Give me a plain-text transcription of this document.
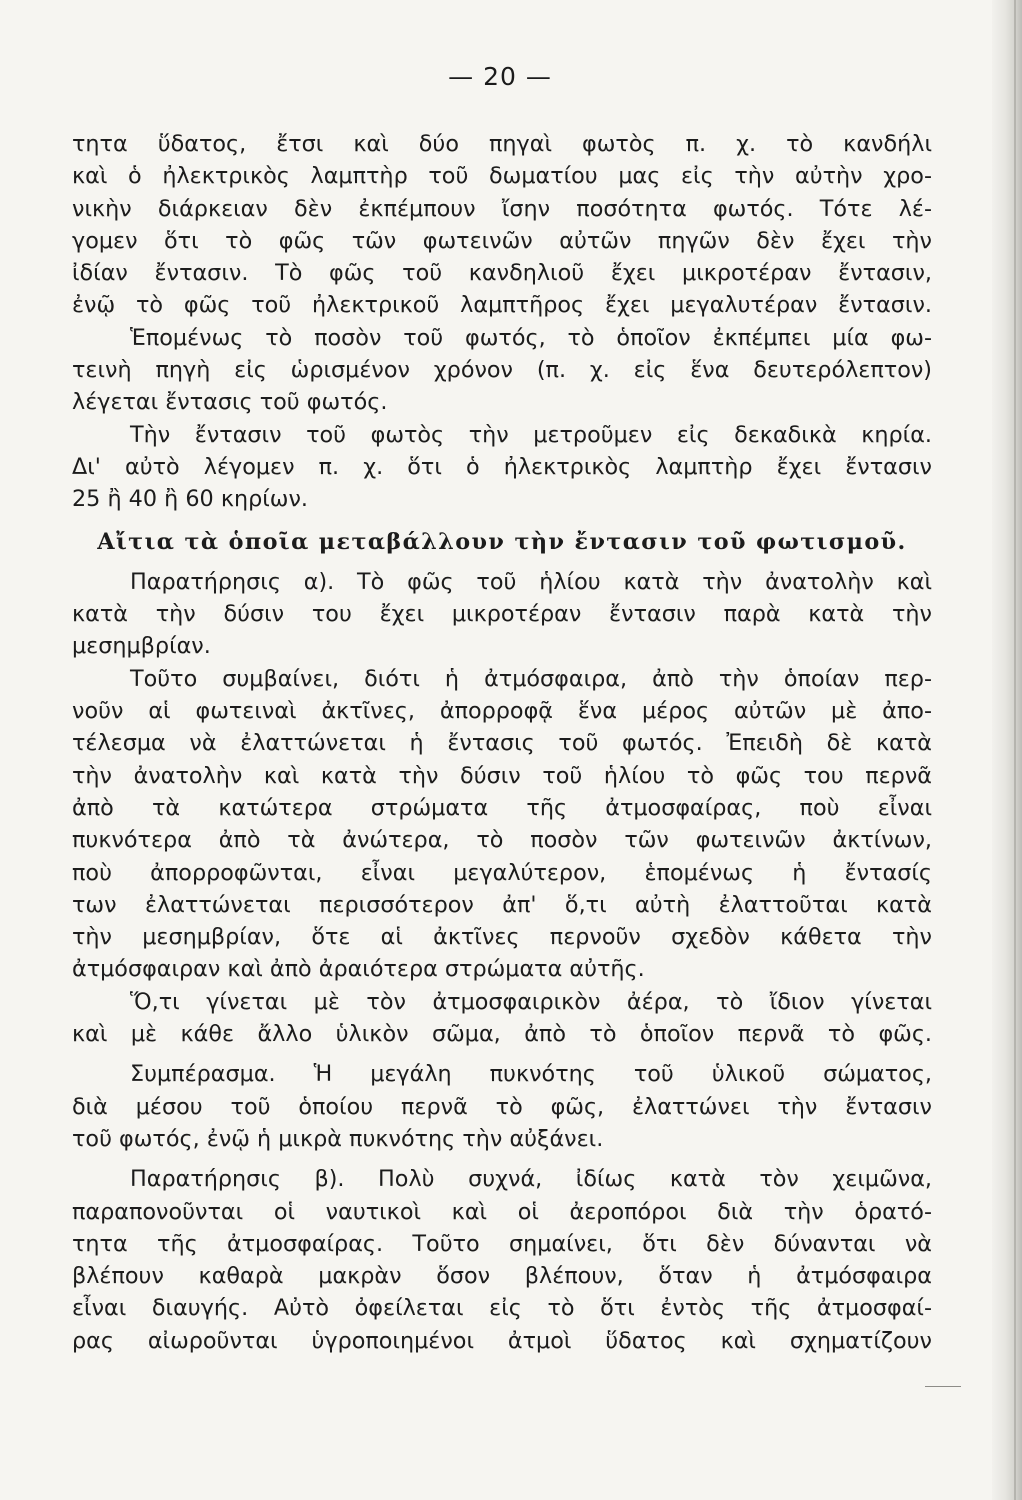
— 20 —
τητα ὕδατος, ἔτσι καὶ δύο πηγαὶ φωτὸς π. χ. τὸ κανδήλι
καὶ ὁ ἠλεκτρικὸς λαμπτὴρ τοῦ δωματίου μας εἰς τὴν αὐτὴν χρο-
νικὴν διάρκειαν δὲν ἐκπέμπουν ἴσην ποσότητα φωτός. Τότε λέ-
γομεν ὅτι τὸ φῶς τῶν φωτεινῶν αὐτῶν πηγῶν δὲν ἔχει τὴν
ἰδίαν ἔντασιν. Τὸ φῶς τοῦ κανδηλιοῦ ἔχει μικροτέραν ἔντασιν,
ἐνῷ τὸ φῶς τοῦ ἠλεκτρικοῦ λαμπτῆρος ἔχει μεγαλυτέραν ἔντασιν.
Ἑπομένως τὸ ποσὸν τοῦ φωτός, τὸ ὁποῖον ἐκπέμπει μία φω-
τεινὴ πηγὴ εἰς ὡρισμένον χρόνον (π. χ. εἰς ἕνα δευτερόλεπτον)
λέγεται ἔντασις τοῦ φωτός.
Τὴν ἔντασιν τοῦ φωτὸς τὴν μετροῦμεν εἰς δεκαδικὰ κηρία.
Δι' αὐτὸ λέγομεν π. χ. ὅτι ὁ ἠλεκτρικὸς λαμπτὴρ ἔχει ἔντασιν
25 ἢ 40 ἢ 60 κηρίων.
Αἴτια τὰ ὁποῖα μεταβάλλουν τὴν ἔντασιν τοῦ φωτισμοῦ.
Παρατήρησις α). Τὸ φῶς τοῦ ἡλίου κατὰ τὴν ἀνατολὴν καὶ
κατὰ τὴν δύσιν του ἔχει μικροτέραν ἔντασιν παρὰ κατὰ τὴν
μεσημβρίαν.
Τοῦτο συμβαίνει, διότι ἡ ἀτμόσφαιρα, ἀπὸ τὴν ὁποίαν περ-
νοῦν αἱ φωτειναὶ ἀκτῖνες, ἀπορροφᾷ ἕνα μέρος αὐτῶν μὲ ἀπο-
τέλεσμα νὰ ἐλαττώνεται ἡ ἔντασις τοῦ φωτός. Ἐπειδὴ δὲ κατὰ
τὴν ἀνατολὴν καὶ κατὰ τὴν δύσιν τοῦ ἡλίου τὸ φῶς του περνᾶ
ἀπὸ τὰ κατώτερα στρώματα τῆς ἀτμοσφαίρας, ποὺ εἶναι
πυκνότερα ἀπὸ τὰ ἀνώτερα, τὸ ποσὸν τῶν φωτεινῶν ἀκτίνων,
ποὺ ἀπορροφῶνται, εἶναι μεγαλύτερον, ἑπομένως ἡ ἔντασίς
των ἐλαττώνεται περισσότερον ἀπ' ὅ,τι αὐτὴ ἐλαττοῦται κατὰ
τὴν μεσημβρίαν, ὅτε αἱ ἀκτῖνες περνοῦν σχεδὸν κάθετα τὴν
ἀτμόσφαιραν καὶ ἀπὸ ἀραιότερα στρώματα αὐτῆς.
Ὅ,τι γίνεται μὲ τὸν ἀτμοσφαιρικὸν ἀέρα, τὸ ἴδιον γίνεται
καὶ μὲ κάθε ἄλλο ὑλικὸν σῶμα, ἀπὸ τὸ ὁποῖον περνᾶ τὸ φῶς.
Συμπέρασμα. Ἡ μεγάλη πυκνότης τοῦ ὑλικοῦ σώματος,
διὰ μέσου τοῦ ὁποίου περνᾶ τὸ φῶς, ἐλαττώνει τὴν ἔντασιν
τοῦ φωτός, ἐνῷ ἡ μικρὰ πυκνότης τὴν αὐξάνει.
Παρατήρησις β). Πολὺ συχνά, ἰδίως κατὰ τὸν χειμῶνα,
παραπονοῦνται οἱ ναυτικοὶ καὶ οἱ ἀεροπόροι διὰ τὴν ὁρατό-
τητα τῆς ἀτμοσφαίρας. Τοῦτο σημαίνει, ὅτι δὲν δύνανται νὰ
βλέπουν καθαρὰ μακρὰν ὅσον βλέπουν, ὅταν ἡ ἀτμόσφαιρα
εἶναι διαυγής. Αὐτὸ ὀφείλεται εἰς τὸ ὅτι ἐντὸς τῆς ἀτμοσφαί-
ρας αἰωροῦνται ὑγροποιημένοι ἀτμοὶ ὕδατος καὶ σχηματίζουν
